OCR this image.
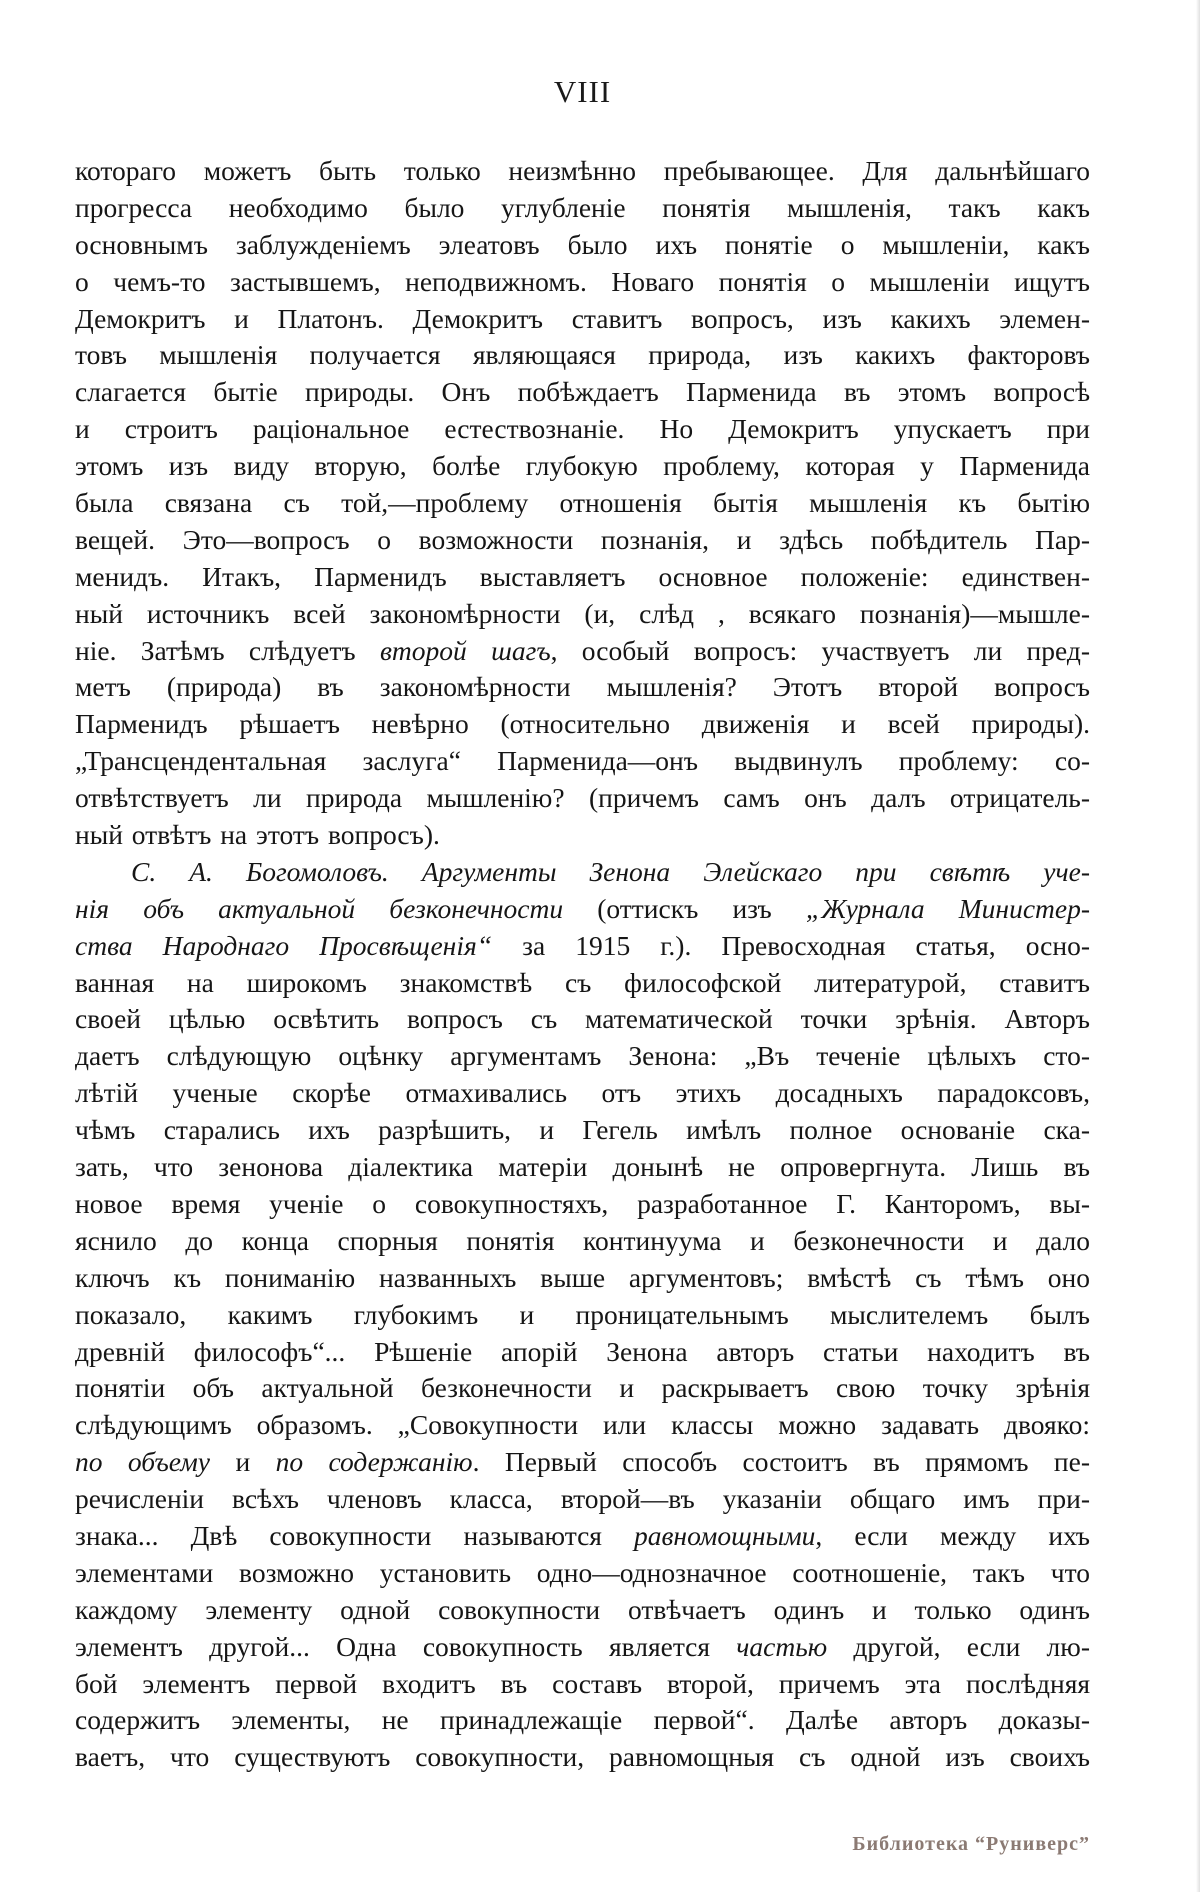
VIII
котораго можетъ быть только неизмѣнно пребывающее. Для дальнѣйшаго
прогресса необходимо было углубленіе понятія мышленія, такъ какъ
основнымъ заблужденіемъ элеатовъ было ихъ понятіе о мышленіи, какъ
о чемъ-то застывшемъ, неподвижномъ. Новаго понятія о мышленіи ищутъ
Демокритъ и Платонъ. Демокритъ ставитъ вопросъ, изъ какихъ элемен-
товъ мышленія получается являющаяся природа, изъ какихъ факторовъ
слагается бытіе природы. Онъ побѣждаетъ Парменида въ этомъ вопросѣ
и строитъ раціональное естествознаніе. Но Демокритъ упускаетъ при
этомъ изъ виду вторую, болѣе глубокую проблему, которая у Парменида
была связана съ той,—проблему отношенія бытія мышленія къ бытію
вещей. Это—вопросъ о возможности познанія, и здѣсь побѣдитель Пар-
менидъ. Итакъ, Парменидъ выставляетъ основное положеніе: единствен-
ный источникъ всей закономѣрности (и, слѣд , всякаго познанія)—мышле-
ніе. Затѣмъ слѣдуетъ второй шагъ, особый вопросъ: участвуетъ ли пред-
метъ (природа) въ закономѣрности мышленія? Этотъ второй вопросъ
Парменидъ рѣшаетъ невѣрно (относительно движенія и всей природы).
„Трансцендентальная заслуга“ Парменида—онъ выдвинулъ проблему: со-
отвѣтствуетъ ли природа мышленію? (причемъ самъ онъ далъ отрицатель-
ный отвѣтъ на этотъ вопросъ).
С. А. Богомоловъ. Аргументы Зенона Элейскаго при свѣтѣ уче-
нія объ актуальной безконечности (оттискъ изъ „Журнала Министер-
ства Народнаго Просвѣщенія“ за 1915 г.). Превосходная статья, осно-
ванная на широкомъ знакомствѣ съ философской литературой, ставитъ
своей цѣлью освѣтить вопросъ съ математической точки зрѣнія. Авторъ
даетъ слѣдующую оцѣнку аргументамъ Зенона: „Въ теченіе цѣлыхъ сто-
лѣтій ученые скорѣе отмахивались отъ этихъ досадныхъ парадоксовъ,
чѣмъ старались ихъ разрѣшить, и Гегель имѣлъ полное основаніе ска-
зать, что зенонова діалектика матеріи донынѣ не опровергнута. Лишь въ
новое время ученіе о совокупностяхъ, разработанное Г. Канторомъ, вы-
яснило до конца спорныя понятія континуума и безконечности и дало
ключъ къ пониманію названныхъ выше аргументовъ; вмѣстѣ съ тѣмъ оно
показало, какимъ глубокимъ и проницательнымъ мыслителемъ былъ
древній философъ“... Рѣшеніе апорій Зенона авторъ статьи находитъ въ
понятіи объ актуальной безконечности и раскрываетъ свою точку зрѣнія
слѣдующимъ образомъ. „Совокупности или классы можно задавать двояко:
по объему и по содержанію. Первый способъ состоитъ въ прямомъ пе-
речисленіи всѣхъ членовъ класса, второй—въ указаніи общаго имъ при-
знака... Двѣ совокупности называются равномощными, если между ихъ
элементами возможно установить одно—однозначное соотношеніе, такъ что
каждому элементу одной совокупности отвѣчаетъ одинъ и только одинъ
элементъ другой... Одна совокупность является частью другой, если лю-
бой элементъ первой входитъ въ составъ второй, причемъ эта послѣдняя
содержитъ элементы, не принадлежащіе первой“. Далѣе авторъ доказы-
ваетъ, что существуютъ совокупности, равномощныя съ одной изъ своихъ
Библиотека “Руниверс”
